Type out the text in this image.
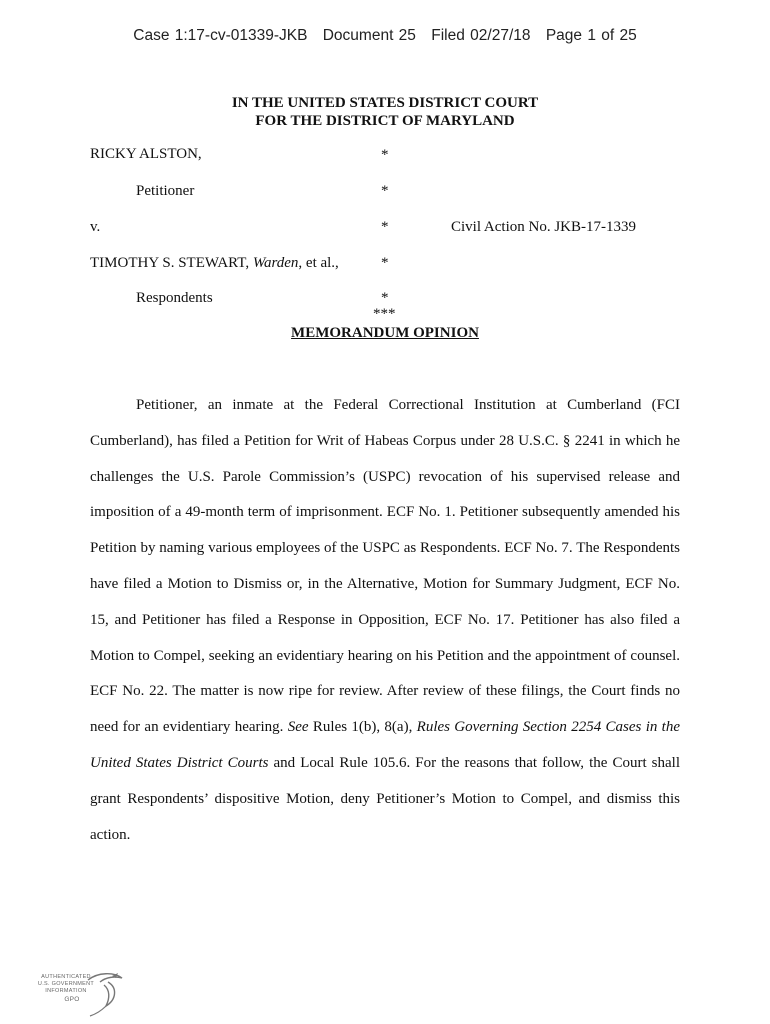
Case 1:17-cv-01339-JKB Document 25 Filed 02/27/18 Page 1 of 25
IN THE UNITED STATES DISTRICT COURT
FOR THE DISTRICT OF MARYLAND
RICKY ALSTON,
Petitioner
v.
TIMOTHY S. STEWART, Warden, et al.,
Respondents
Civil Action No. JKB-17-1339
*
*
*
*
*
***
MEMORANDUM OPINION

Petitioner, an inmate at the Federal Correctional Institution at Cumberland (FCI Cumberland), has filed a Petition for Writ of Habeas Corpus under 28 U.S.C. § 2241 in which he challenges the U.S. Parole Commission’s (USPC) revocation of his supervised release and imposition of a 49-month term of imprisonment. ECF No. 1. Petitioner subsequently amended his Petition by naming various employees of the USPC as Respondents. ECF No. 7. The Respondents have filed a Motion to Dismiss or, in the Alternative, Motion for Summary Judgment, ECF No. 15, and Petitioner has filed a Response in Opposition, ECF No. 17. Petitioner has also filed a Motion to Compel, seeking an evidentiary hearing on his Petition and the appointment of counsel. ECF No. 22. The matter is now ripe for review. After review of these filings, the Court finds no need for an evidentiary hearing. See Rules 1(b), 8(a), Rules Governing Section 2254 Cases in the United States District Courts and Local Rule 105.6. For the reasons that follow, the Court shall grant Respondents’ dispositive Motion, deny Petitioner’s Motion to Compel, and dismiss this action.

AUTHENTICATED
U.S. GOVERNMENT
INFORMATION
GPO
